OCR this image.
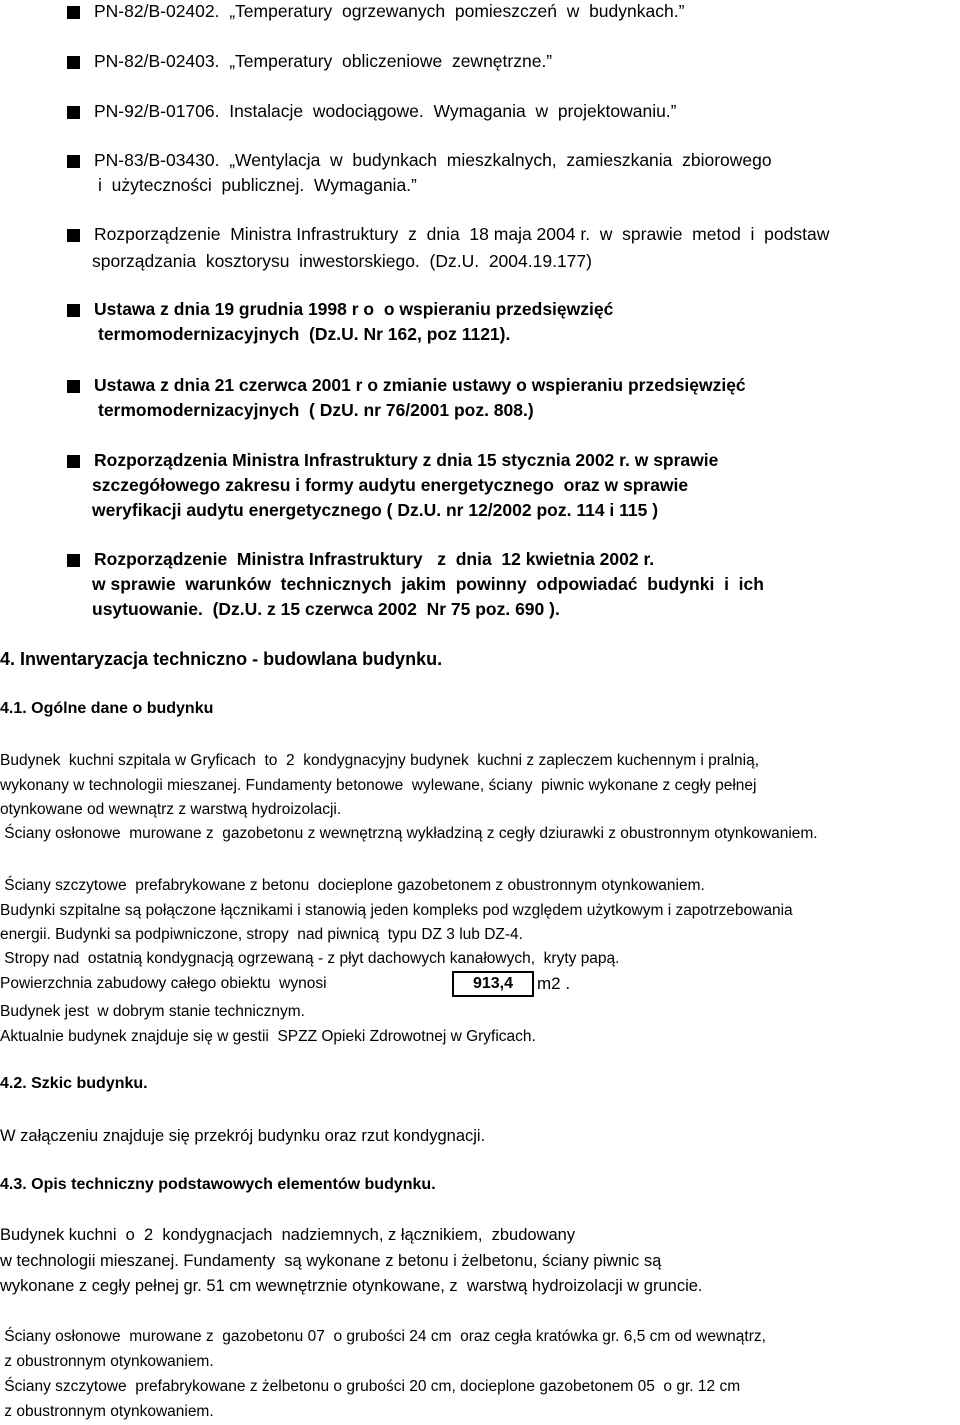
PN-82/B-02402.  „Temperatury  ogrzewanych  pomieszczeń  w  budynkach.”
PN-82/B-02403.  „Temperatury  obliczeniowe  zewnętrzne.”
PN-92/B-01706.  Instalacje  wodociągowe.  Wymagania  w  projektowaniu.”
PN-83/B-03430.  „Wentylacja  w  budynkach  mieszkalnych,  zamieszkania  zbiorowego
i  użyteczności  publicznej.  Wymagania.”
Rozporządzenie  Ministra Infrastruktury  z  dnia  18 maja 2004 r.  w  sprawie  metod  i  podstaw
sporządzania  kosztorysu  inwestorskiego.  (Dz.U.  2004.19.177)
Ustawa z dnia 19 grudnia 1998 r o  o wspieraniu przedsięwzięć
termomodernizacyjnych  (Dz.U. Nr 162, poz 1121).
Ustawa z dnia 21 czerwca 2001 r o zmianie ustawy o wspieraniu przedsięwzięć
termomodernizacyjnych  ( DzU. nr 76/2001 poz. 808.)
Rozporządzenia Ministra Infrastruktury z dnia 15 stycznia 2002 r. w sprawie
szczegółowego zakresu i formy audytu energetycznego  oraz w sprawie
weryfikacji audytu energetycznego ( Dz.U. nr 12/2002 poz. 114 i 115 )
Rozporządzenie  Ministra Infrastruktury   z  dnia  12 kwietnia 2002 r.
w sprawie  warunków  technicznych  jakim  powinny  odpowiadać  budynki  i  ich
usytuowanie.  (Dz.U. z 15 czerwca 2002  Nr 75 poz. 690 ).
4. Inwentaryzacja techniczno - budowlana budynku.
4.1. Ogólne dane o budynku
Budynek  kuchni szpitala w Gryficach  to  2  kondygnacyjny budynek  kuchni z zapleczem kuchennym i pralnią,
wykonany w technologii mieszanej. Fundamenty betonowe  wylewane, ściany  piwnic wykonane z cegły pełnej
otynkowane od wewnątrz z warstwą hydroizolacji.
Ściany osłonowe  murowane z  gazobetonu z wewnętrzną wykładziną z cegły dziurawki z obustronnym otynkowaniem.
Ściany szczytowe  prefabrykowane z betonu  docieplone gazobetonem z obustronnym otynkowaniem.
Budynki szpitalne są połączone łącznikami i stanowią jeden kompleks pod względem użytkowym i zapotrzebowania
energii. Budynki sa podpiwniczone, stropy  nad piwnicą  typu DZ 3 lub DZ-4.
Stropy nad  ostatnią kondygnacją ogrzewaną - z płyt dachowych kanałowych,  kryty papą.
Powierzchnia zabudowy całego obiektu  wynosi	913,4	m2 .
Budynek jest  w dobrym stanie technicznym.
Aktualnie budynek znajduje się w gestii  SPZZ Opieki Zdrowotnej w Gryficach.
4.2. Szkic budynku.
W załączeniu znajduje się przekrój budynku oraz rzut kondygnacji.
4.3. Opis techniczny podstawowych elementów budynku.
Budynek kuchni  o  2  kondygnacjach  nadziemnych, z łącznikiem,  zbudowany
w technologii mieszanej. Fundamenty  są wykonane z betonu i żelbetonu, ściany piwnic są
wykonane z cegły pełnej gr. 51 cm wewnętrznie otynkowane, z  warstwą hydroizolacji w gruncie.
Ściany osłonowe  murowane z  gazobetonu 07  o grubości 24 cm  oraz cegła kratówka gr. 6,5 cm od wewnątrz,
z obustronnym otynkowaniem.
Ściany szczytowe  prefabrykowane z żelbetonu o grubości 20 cm, docieplone gazobetonem 05  o gr. 12 cm
z obustronnym otynkowaniem.
